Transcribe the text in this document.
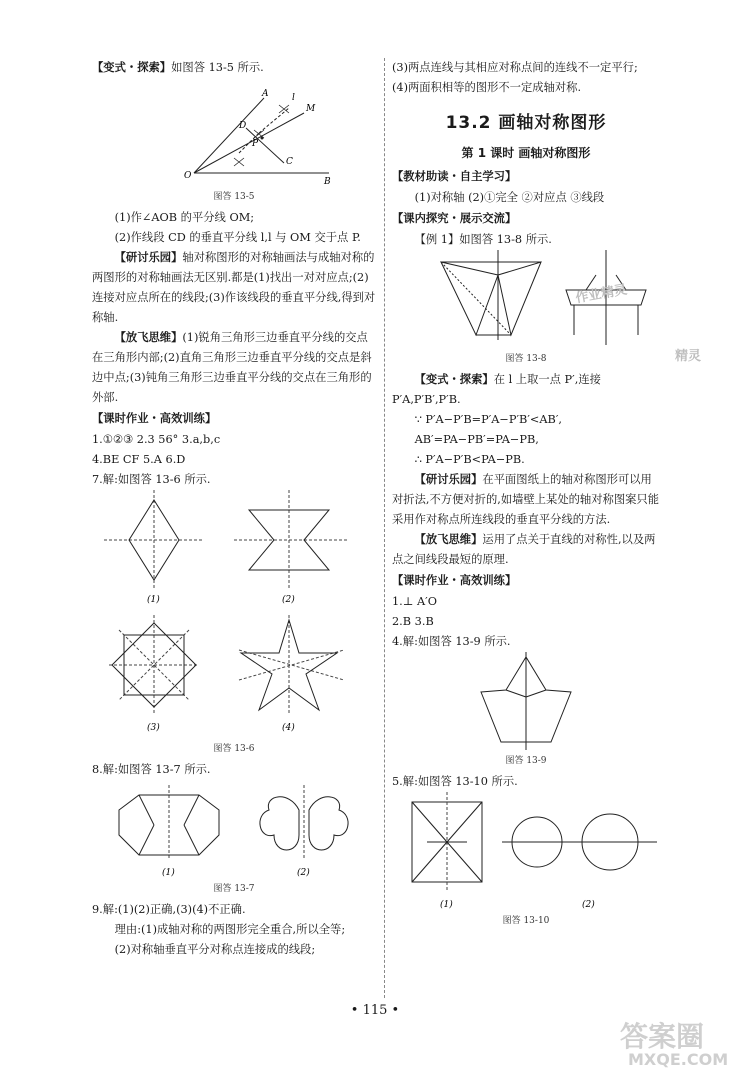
【变式・探索】如图答 13-5 所示.

A
M
l
D
C
P
O
B
图答 13-5

(1)作∠AOB 的平分线 OM;

(2)作线段 CD 的垂直平分线 l,l 与 OM 交于点 P.

【研讨乐园】轴对称图形的对称轴画法与成轴对称的两图形的对称轴画法无区别.都是(1)找出一对对应点;(2)连接对应点所在的线段;(3)作该线段的垂直平分线,得到对称轴.

【放飞思维】(1)锐角三角形三边垂直平分线的交点在三角形内部;(2)直角三角形三边垂直平分线的交点是斜边中点;(3)钝角三角形三边垂直平分线的交点在三角形的外部.

【课时作业・高效训练】

1.①②③ 2.3 56° 3.a,b,c

4.BE CF 5.A 6.D

7.解:如图答 13-6 所示.

(1)	(2)
(3)	(4)
图答 13-6

8.解:如图答 13-7 所示.

(1)	(2)
图答 13-7

9.解:(1)(2)正确,(3)(4)不正确.

理由:(1)成轴对称的两图形完全重合,所以全等;

(2)对称轴垂直平分对称点连接成的线段;

(3)两点连线与其相应对称点间的连线不一定平行;

(4)两面积相等的图形不一定成轴对称.

13.2 画轴对称图形
第 1 课时 画轴对称图形
【教材助读・自主学习】

(1)对称轴 (2)①完全 ②对应点 ③线段

【课内探究・展示交流】

【例 1】如图答 13-8 所示.

图答 13-8

【变式・探索】在 l 上取一点 P′,连接 P′A,P′B′,P′B.

∵ P′A−P′B=P′A−P′B′<AB′,

AB′=PA−PB′=PA−PB,

∴ P′A−P′B<PA−PB.

【研讨乐园】在平面图纸上的轴对称图形可以用对折法,不方便对折的,如墙壁上某处的轴对称图案只能采用作对称点所连线段的垂直平分线的方法.

【放飞思维】运用了点关于直线的对称性,以及两点之间线段最短的原理.

【课时作业・高效训练】

1.⊥ A′O

2.B 3.B

4.解:如图答 13-9 所示.

图答 13-9

5.解:如图答 13-10 所示.

(1)	(2)
图答 13-10
作业精灵
精灵
• 115 •
答案圈
MXQE.COM
